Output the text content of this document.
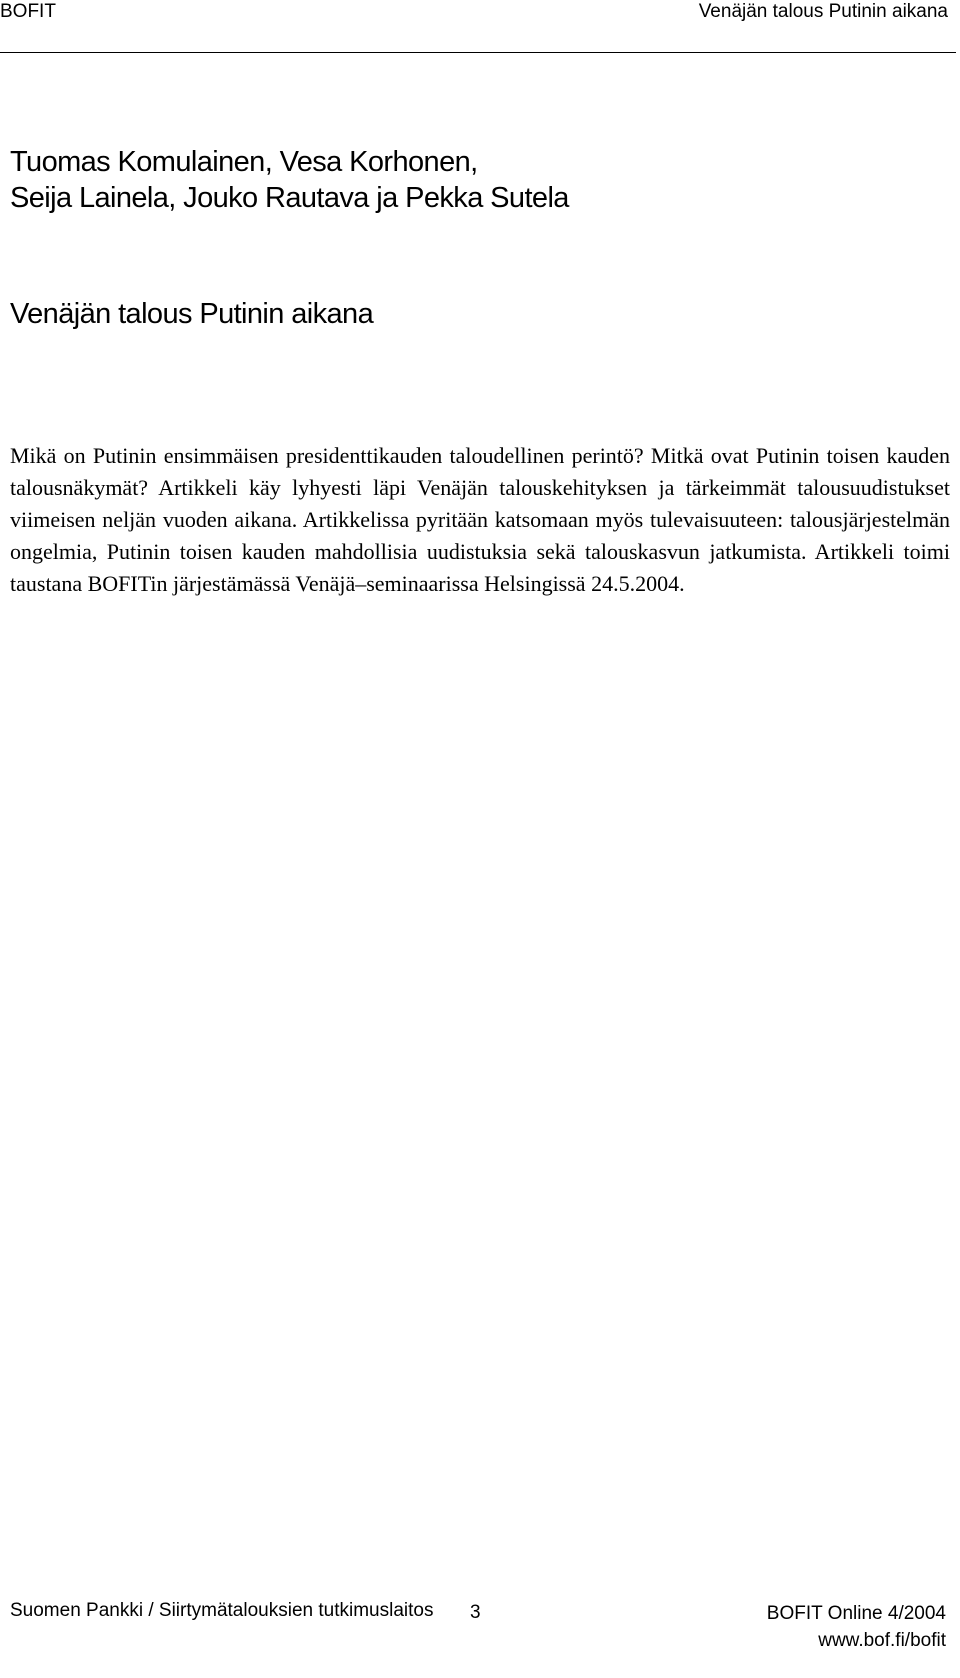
BOFIT	Venäjän talous Putinin aikana
Tuomas Komulainen, Vesa Korhonen,
Seija Lainela, Jouko Rautava ja Pekka Sutela
Venäjän talous Putinin aikana

Mikä on Putinin ensimmäisen presidenttikauden taloudellinen perintö? Mitkä ovat Putinin toisen kauden talousnäkymät? Artikkeli käy lyhyesti läpi Venäjän talouskehityksen ja tärkeimmät talousuudistukset viimeisen neljän vuoden aikana. Artikkelissa pyritään katsomaan myös tulevaisuuteen: talousjärjestelmän ongelmia, Putinin toisen kauden mahdollisia uudistuksia sekä talouskasvun jatkumista. Artikkeli toimi taustana BOFITin järjestämässä Venäjä–seminaarissa Helsingissä 24.5.2004.

Suomen Pankki / Siirtymätalouksien tutkimuslaitos 3	BOFIT Online 4/2004
www.bof.fi/bofit
